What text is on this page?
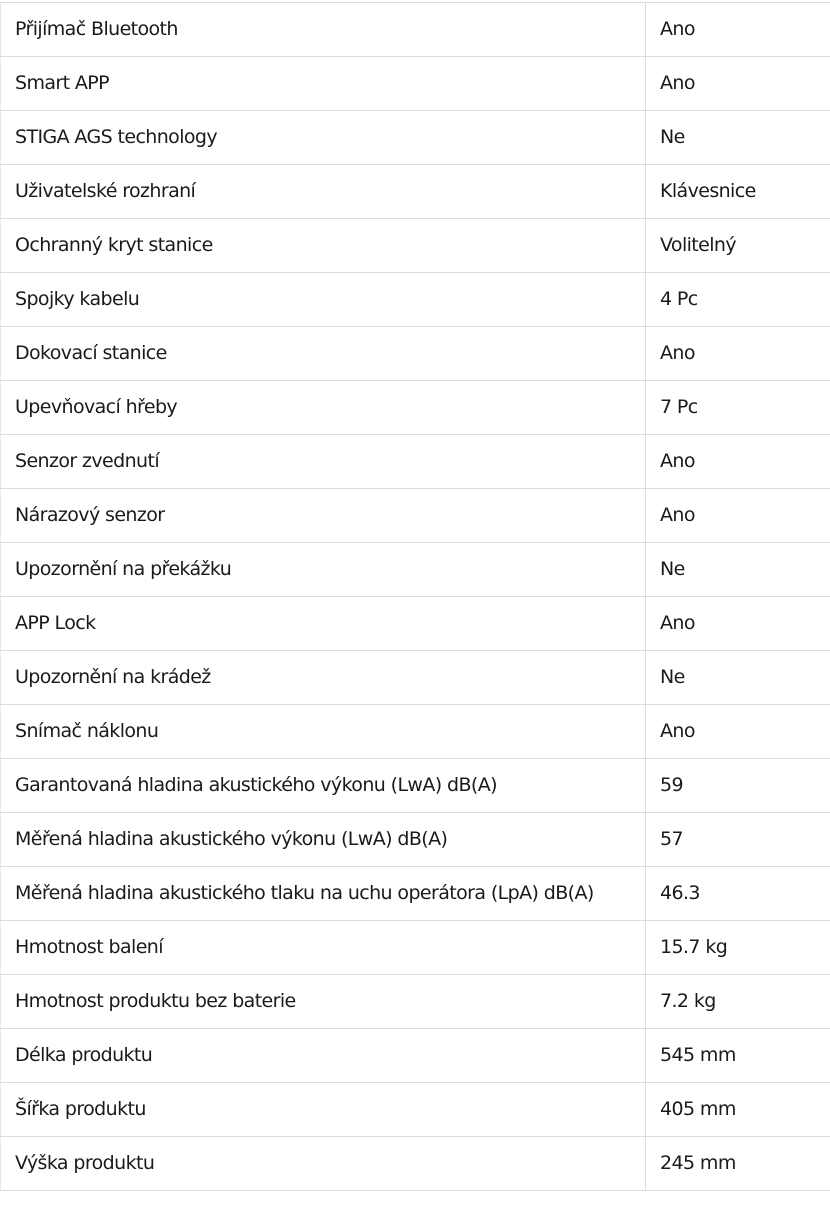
Přijímač Bluetooth	Ano
Smart APP	Ano
STIGA AGS technology	Ne
Uživatelské rozhraní	Klávesnice
Ochranný kryt stanice	Volitelný
Spojky kabelu	4 Pc
Dokovací stanice	Ano
Upevňovací hřeby	7 Pc
Senzor zvednutí	Ano
Nárazový senzor	Ano
Upozornění na překážku	Ne
APP Lock	Ano
Upozornění na krádež	Ne
Snímač náklonu	Ano
Garantovaná hladina akustického výkonu (LwA) dB(A)	59
Měřená hladina akustického výkonu (LwA) dB(A)	57
Měřená hladina akustického tlaku na uchu operátora (LpA) dB(A)	46.3
Hmotnost balení	15.7 kg
Hmotnost produktu bez baterie	7.2 kg
Délka produktu	545 mm
Šířka produktu	405 mm
Výška produktu	245 mm
